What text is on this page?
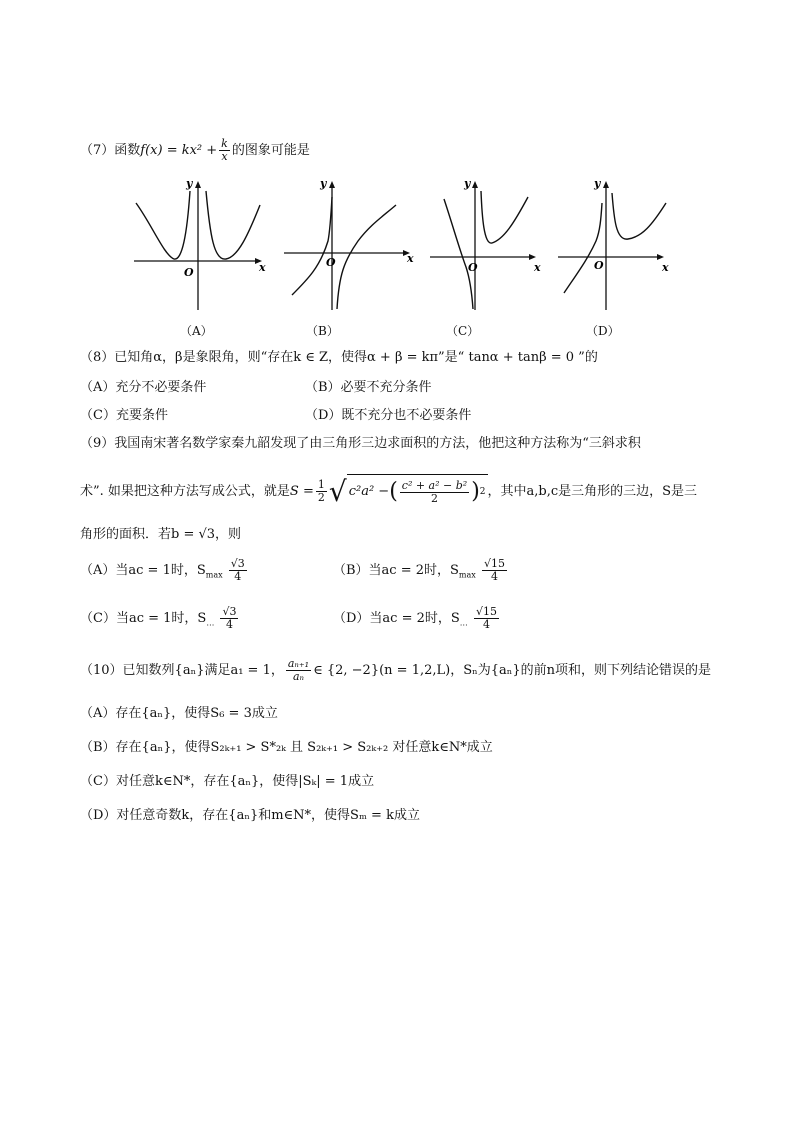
（7）函数$f(x) = kx^2 + \frac{k}{x}$ 的图象可能是
O	x
y
（A）
O	x
y
（B）
O	x
y
（C）
O	x
y
（D）
（8）已知角α，β是象限角，则“存在k ∈ Z，使得α + β = kπ”是“ tanα + tanβ = 0 ”的
（A）充分不必要条件	（B）必要不充分条件
（C）充要条件	（D）既不充分也不必要条件
（9）我国南宋著名数学家秦九韶发现了由三角形三边求面积的方法，他把这种方法称为“三斜求积
术”. 如果把这种方法写成公式，就是$S = \frac{1}{2}$ √ c²a² − ( $\frac{\text{c² + a² − b²}}{2}$ ) 2 ，其中a,b,c是三角形的三边，S是三
角形的面积．若b = √3，则
（A）当ac = 1时，$S_{max} \frac{√3}{4}$	（B）当ac = 2时，$S_{max} \frac{√15}{4}$
（C）当ac = 1时，$S_\dots \frac{√3}{4}$	（D）当ac = 2时，$S_\dots \frac{√15}{4}$
（10）已知数列{aₙ}满足a₁ = 1， $\frac{\text{aₙ₊₁}}{\text{aₙ}}$ ∈ {2, −2}(n = 1,2,L)，Sₙ为{aₙ}的前n项和，则下列结论错误的是
（A）存在{aₙ}，使得S₆ = 3成立
（B）存在{aₙ}，使得S₂ₖ₊₁ > S*₂ₖ 且 S₂ₖ₊₁ > S₂ₖ₊₂ 对任意k∈N*成立
（C）对任意k∈N*，存在{aₙ}，使得|Sₖ| = 1成立
（D）对任意奇数k，存在{aₙ}和m∈N*，使得Sₘ = k成立
